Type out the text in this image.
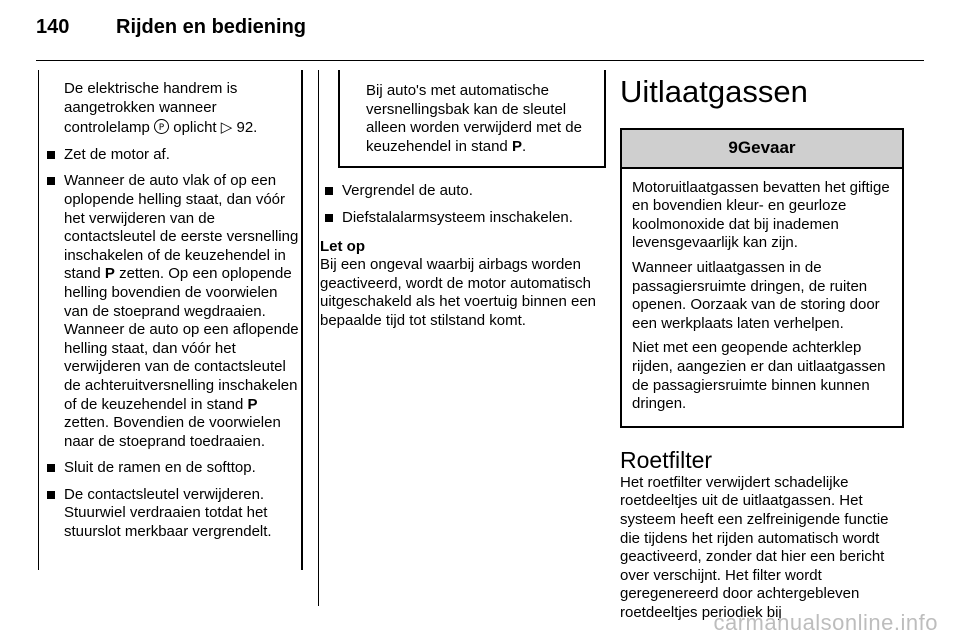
140 Rijden en bediening

De elektrische handrem is aangetrokken wanneer controlelamp P oplicht ▷ 92.

Zet de motor af.
Wanneer de auto vlak of op een oplopende helling staat, dan vóór het verwijderen van de contactsleutel de eerste versnelling inschakelen of de keuzehendel in stand P zetten. Op een oplopende helling bovendien de voorwielen van de stoeprand wegdraaien.

Wanneer de auto op een aflopende helling staat, dan vóór het verwijderen van de contactsleutel de achteruitversnelling inschakelen of de keuzehendel in stand P zetten. Bovendien de voorwielen naar de stoeprand toedraaien.

Sluit de ramen en de softtop.
De contactsleutel verwijderen. Stuurwiel verdraaien totdat het stuurslot merkbaar vergrendelt.
Bij auto's met automatische versnellingsbak kan de sleutel alleen worden verwijderd met de keuzehendel in stand P.
Vergrendel de auto.
Diefstalalarmsysteem inschakelen.
Let op
Bij een ongeval waarbij airbags worden geactiveerd, wordt de motor automatisch uitgeschakeld als het voertuig binnen een bepaalde tijd tot stilstand komt.
Uitlaatgassen
9Gevaar

Motoruitlaatgassen bevatten het giftige en bovendien kleur- en geurloze koolmonoxide dat bij inademen levensgevaarlijk kan zijn.

Wanneer uitlaatgassen in de passagiersruimte dringen, de ruiten openen. Oorzaak van de storing door een werkplaats laten verhelpen.

Niet met een geopende achterklep rijden, aangezien er dan uitlaatgassen de passagiersruimte binnen kunnen dringen.

Roetfilter

Het roetfilter verwijdert schadelijke roetdeeltjes uit de uitlaatgassen. Het systeem heeft een zelfreinigende functie die tijdens het rijden automatisch wordt geactiveerd, zonder dat hier een bericht over verschijnt. Het filter wordt geregenereerd door achtergebleven roetdeeltjes periodiek bij

carmanualsonline.info
